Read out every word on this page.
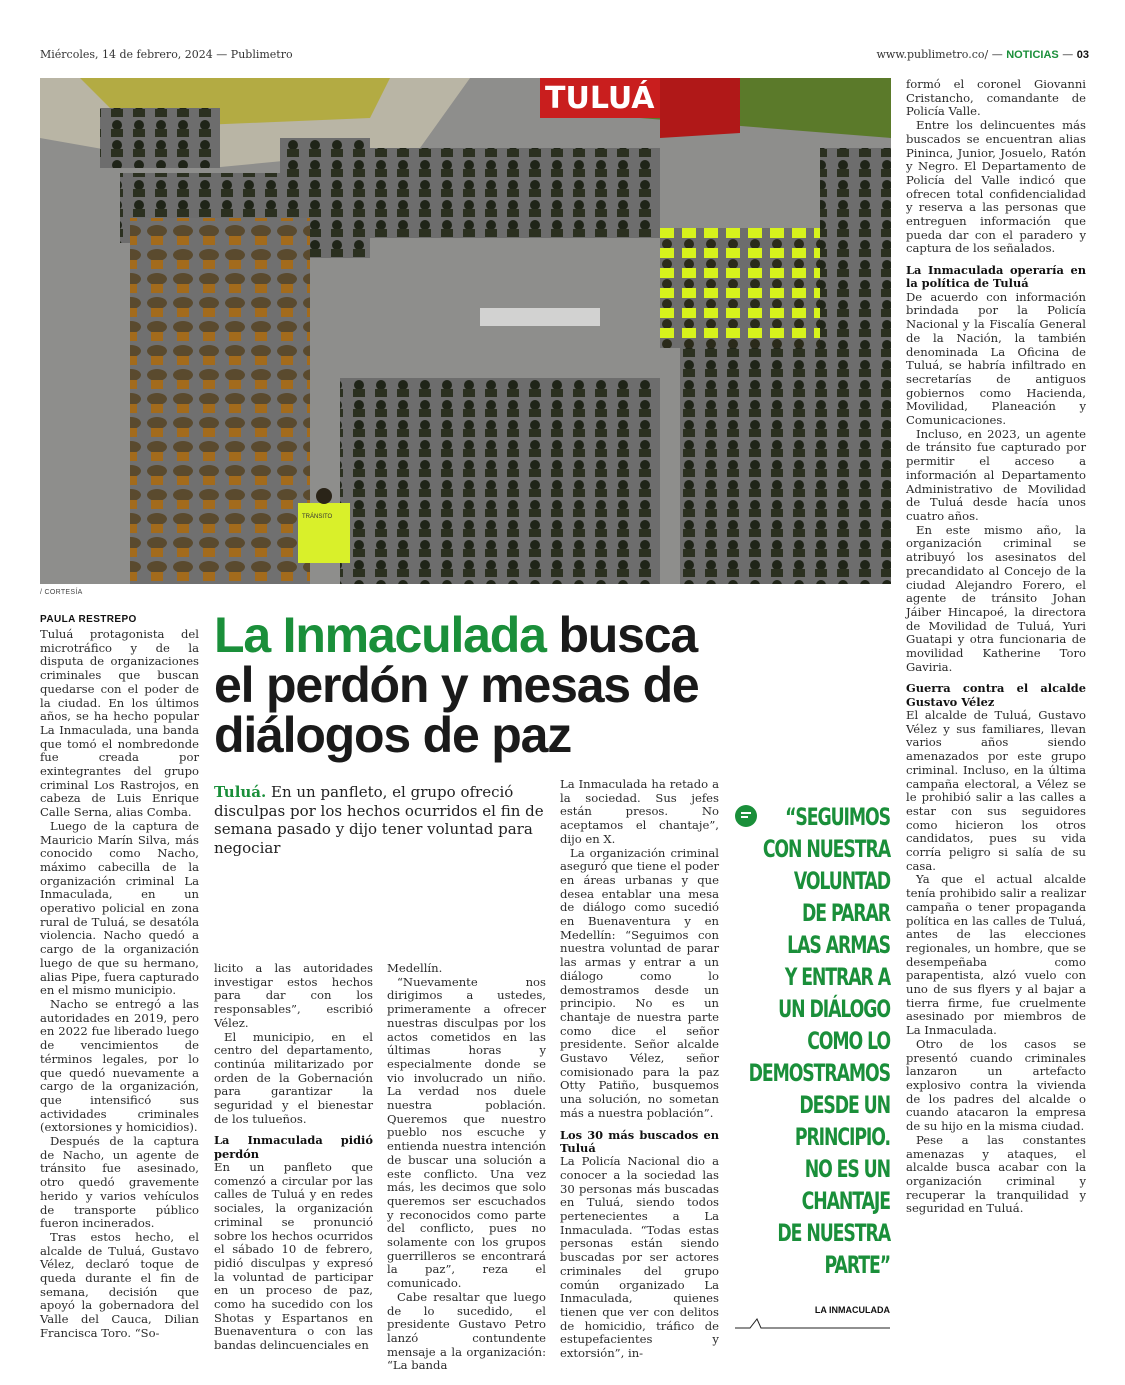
Miércoles, 14 de febrero, 2024 — Publimetro	www.publimetro.co/ — NOTICIAS — 03
TULUÁ
TRÁNSITO
/ CORTESÍA
PAULA RESTREPO La Inmaculada busca el perdón y mesas de diálogos de paz
Tuluá. En un panfleto, el grupo ofreció disculpas por los hechos ocurridos el fin de semana pasado y dijo tener voluntad para negociar

Tuluá protagonista del microtráfico y de la disputa de organizaciones criminales que buscan quedarse con el poder de la ciudad. En los últimos años, se ha hecho popular La Inmaculada, una banda que tomó el nombredonde fue creada por exintegrantes del grupo criminal Los Rastrojos, en cabeza de Luis Enrique Calle Serna, alias Comba.

Luego de la captura de Mauricio Marín Silva, más conocido como Nacho, máximo cabecilla de la organización criminal La Inmaculada, en un operativo policial en zona rural de Tuluá, se desatóla violencia. Nacho quedó a cargo de la organización luego de que su hermano, alias Pipe, fuera capturado en el mismo municipio.

Nacho se entregó a las autoridades en 2019, pero en 2022 fue liberado luego de vencimientos de términos legales, por lo que quedó nuevamente a cargo de la organización, que intensificó sus actividades criminales (extorsiones y homicidios).

Después de la captura de Nacho, un agente de tránsito fue asesinado, otro quedó gravemente herido y varios vehículos de transporte público fueron incinerados.

Tras estos hecho, el alcalde de Tuluá, Gustavo Vélez, declaró toque de queda durante el fin de semana, decisión que apoyó la gobernadora del Valle del Cauca, Dilian Francisca Toro. “So-

licito a las autoridades investigar estos hechos para dar con los responsables”, escribió Vélez.

El municipio, en el centro del departamento, continúa militarizado por orden de la Gobernación para garantizar la seguridad y el bienestar de los tulueños.

La Inmaculada pidió perdón

En un panfleto que comenzó a circular por las calles de Tuluá y en redes sociales, la organización criminal se pronunció sobre los hechos ocurridos el sábado 10 de febrero, pidió disculpas y expresó la voluntad de participar en un proceso de paz, como ha sucedido con los Shotas y Espartanos en Buenaventura o con las bandas delincuenciales en

Medellín.

“Nuevamente nos dirigimos a ustedes, primeramente a ofrecer nuestras disculpas por los actos cometidos en las últimas horas y especialmente donde se vio involucrado un niño. La verdad nos duele nuestra población. Queremos que nuestro pueblo nos escuche y entienda nuestra intención de buscar una solución a este conflicto. Una vez más, les decimos que solo queremos ser escuchados y reconocidos como parte del conflicto, pues no solamente con los grupos guerrilleros se encontrará la paz”, reza el comunicado.

Cabe resaltar que luego de lo sucedido, el presidente Gustavo Petro lanzó contundente mensaje a la organización: “La banda

La Inmaculada ha retado a la sociedad. Sus jefes están presos. No aceptamos el chantaje”, dijo en X.

La organización criminal aseguró que tiene el poder en áreas urbanas y que desea entablar una mesa de diálogo como sucedió en Buenaventura y en Medellín: “Seguimos con nuestra voluntad de parar las armas y entrar a un diálogo como lo demostramos desde un principio. No es un chantaje de nuestra parte como dice el señor presidente. Señor alcalde Gustavo Vélez, señor comisionado para la paz Otty Patiño, busquemos una solución, no sometan más a nuestra población”.

Los 30 más buscados en Tuluá

La Policía Nacional dio a conocer a la sociedad las 30 personas más buscadas en Tuluá, siendo todos pertenecientes a La Inmaculada. “Todas estas personas están siendo buscadas por ser actores criminales del grupo común organizado La Inmaculada, quienes tienen que ver con delitos de homicidio, tráfico de estupefacientes y extorsión”, in-

“SEGUIMOS
CON NUESTRA
VOLUNTAD
DE PARAR
LAS ARMAS
Y ENTRAR A
UN DIÁLOGO
COMO LO
DEMOSTRAMOS
DESDE UN
PRINCIPIO.
NO ES UN
CHANTAJE
DE NUESTRA
PARTE”
LA INMACULADA

formó el coronel Giovanni Cristancho, comandante de Policía Valle.

Entre los delincuentes más buscados se encuentran alias Pininca, Junior, Josuelo, Ratón y Negro. El Departamento de Policía del Valle indicó que ofrecen total confidencialidad y reserva a las personas que entreguen información que pueda dar con el paradero y captura de los señalados.

La Inmaculada operaría en la política de Tuluá

De acuerdo con información brindada por la Policía Nacional y la Fiscalía General de la Nación, la también denominada La Oficina de Tuluá, se habría infiltrado en secretarías de antiguos gobiernos como Hacienda, Movilidad, Planeación y Comunicaciones.

Incluso, en 2023, un agente de tránsito fue capturado por permitir el acceso a información al Departamento Administrativo de Movilidad de Tuluá desde hacía unos cuatro años.

En este mismo año, la organización criminal se atribuyó los asesinatos del precandidato al Concejo de la ciudad Alejandro Forero, el agente de tránsito Johan Jáiber Hincapoé, la directora de Movilidad de Tuluá, Yuri Guatapi y otra funcionaria de movilidad Katherine Toro Gaviria.

Guerra contra el alcalde Gustavo Vélez

El alcalde de Tuluá, Gustavo Vélez y sus familiares, llevan varios años siendo amenazados por este grupo criminal. Incluso, en la última campaña electoral, a Vélez se le prohibió salir a las calles a estar con sus seguidores como hicieron los otros candidatos, pues su vida corría peligro si salía de su casa.

Ya que el actual alcalde tenía prohibido salir a realizar campaña o tener propaganda política en las calles de Tuluá, antes de las elecciones regionales, un hombre, que se desempeñaba como parapentista, alzó vuelo con uno de sus flyers y al bajar a tierra firme, fue cruelmente asesinado por miembros de La Inmaculada.

Otro de los casos se presentó cuando criminales lanzaron un artefacto explosivo contra la vivienda de los padres del alcalde o cuando atacaron la empresa de su hijo en la misma ciudad.

Pese a las constantes amenazas y ataques, el alcalde busca acabar con la organización criminal y recuperar la tranquilidad y seguridad en Tuluá.
